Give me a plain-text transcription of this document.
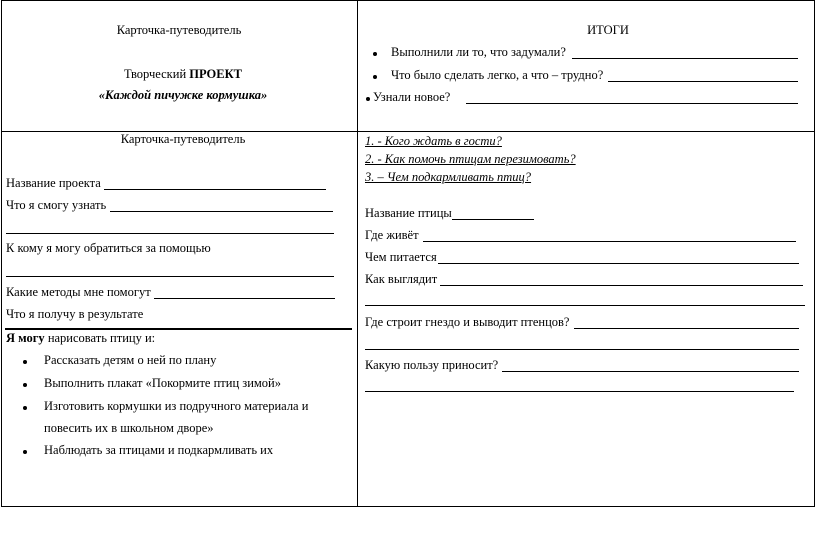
Карточка-путеводитель
Творческий ПРОЕКТ
«Каждой пичужке кормушка»
ИТОГИ
Выполнили ли то, что задумали?
Что было сделать легко, а что – трудно?
Узнали новое?
Карточка-путеводитель
Название проекта
Что я смогу узнать
К кому я могу обратиться за помощью
Какие методы мне помогут
Что я получу в результате
Я могу нарисовать птицу и:
Рассказать детям о ней по плану
Выполнить плакат «Покормите птиц зимой»
Изготовить кормушки из подручного материала и
повесить их в школьном дворе»
Наблюдать за птицами и подкармливать их
1. - Кого ждать в гости?
2. - Как помочь птицам перезимовать?
3. – Чем подкармливать птиц?
Название птицы
Где живёт
Чем питается
Как выглядит
Где строит гнездо и выводит птенцов?
Какую пользу приносит?
